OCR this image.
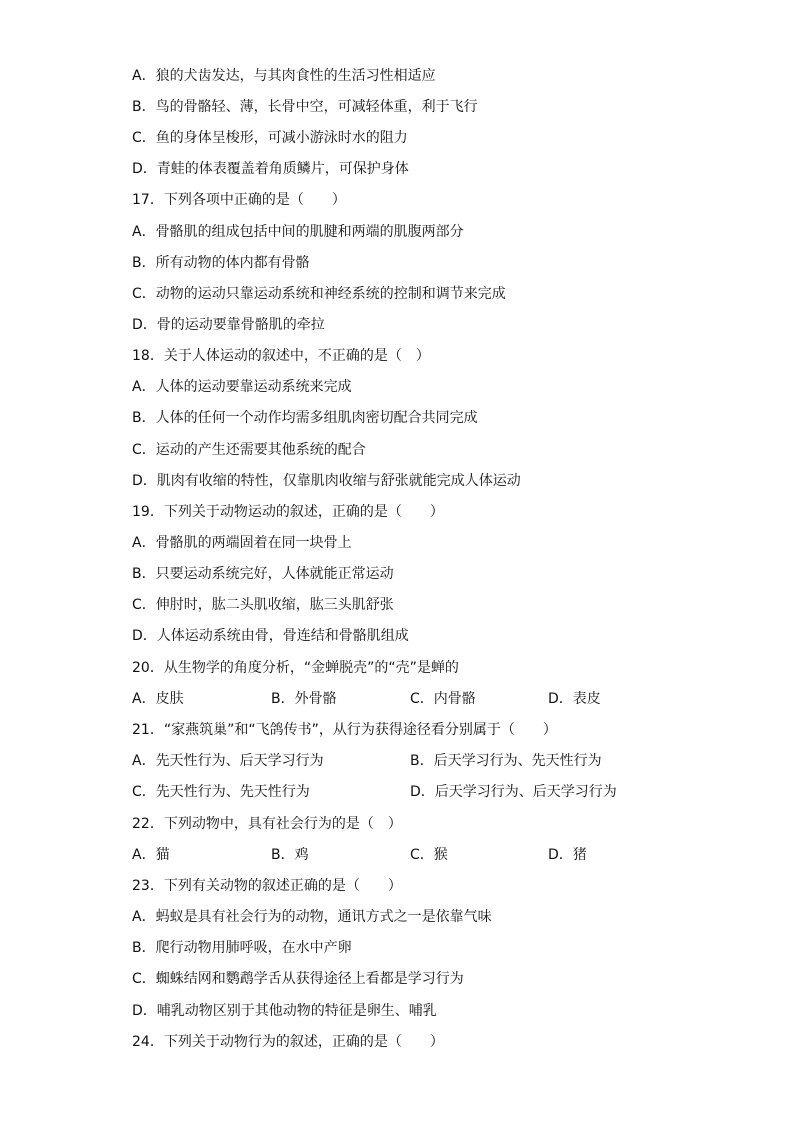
A．狼的犬齿发达，与其肉食性的生活习性相适应
B．鸟的骨骼轻、薄，长骨中空，可减轻体重，利于飞行
C．鱼的身体呈梭形，可减小游泳时水的阻力
D．青蛙的体表覆盖着角质鳞片，可保护身体
17．下列各项中正确的是（　　）
A．骨骼肌的组成包括中间的肌腱和两端的肌腹两部分
B．所有动物的体内都有骨骼
C．动物的运动只靠运动系统和神经系统的控制和调节来完成
D．骨的运动要靠骨骼肌的牵拉
18．关于人体运动的叙述中，不正确的是（　）
A．人体的运动要靠运动系统来完成
B．人体的任何一个动作均需多组肌肉密切配合共同完成
C．运动的产生还需要其他系统的配合
D．肌肉有收缩的特性，仅靠肌肉收缩与舒张就能完成人体运动
19．下列关于动物运动的叙述，正确的是（　　）
A．骨骼肌的两端固着在同一块骨上
B．只要运动系统完好，人体就能正常运动
C．伸肘时，肱二头肌收缩，肱三头肌舒张
D．人体运动系统由骨，骨连结和骨骼肌组成
20．从生物学的角度分析，“金蝉脱壳”的“壳”是蝉的
A．皮肤	B．外骨骼	C．内骨骼	D．表皮
21．“家燕筑巢”和“飞鸽传书”，从行为获得途径看分别属于（　　）
A．先天性行为、后天学习行为	B．后天学习行为、先天性行为
C．先天性行为、先天性行为	D．后天学习行为、后天学习行为
22．下列动物中，具有社会行为的是（　）
A．猫	B．鸡	C．猴	D．猪
23．下列有关动物的叙述正确的是（　　）
A．蚂蚁是具有社会行为的动物，通讯方式之一是依靠气味
B．爬行动物用肺呼吸，在水中产卵
C．蜘蛛结网和鹦鹉学舌从获得途径上看都是学习行为
D．哺乳动物区别于其他动物的特征是卵生、哺乳
24．下列关于动物行为的叙述，正确的是（　　）
